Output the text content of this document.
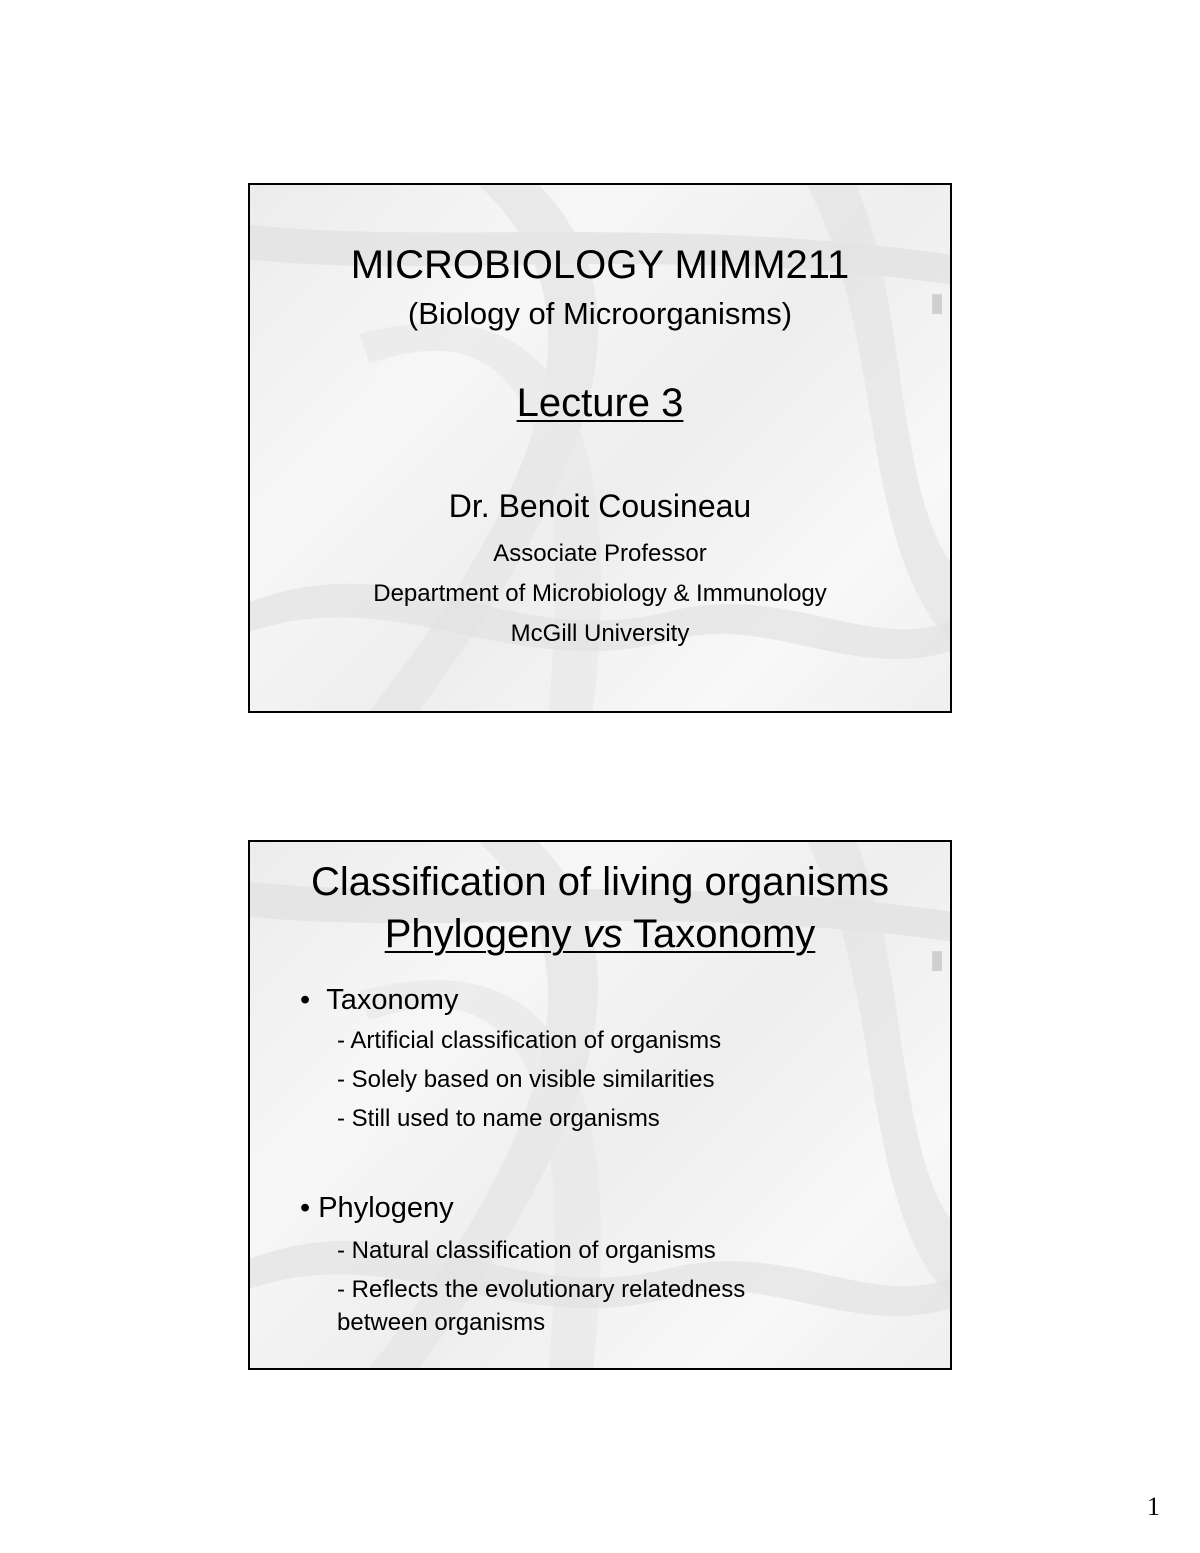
MICROBIOLOGY MIMM211
(Biology of Microorganisms)
Lecture 3
Dr. Benoit Cousineau
Associate Professor
Department of Microbiology & Immunology
McGill University
Classification of living organisms
Phylogeny vs Taxonomy
• Taxonomy
- Artificial classification of organisms
- Solely based on visible similarities
- Still used to name organisms
• Phylogeny
- Natural classification of organisms
- Reflects the evolutionary relatedness
between organisms
1
